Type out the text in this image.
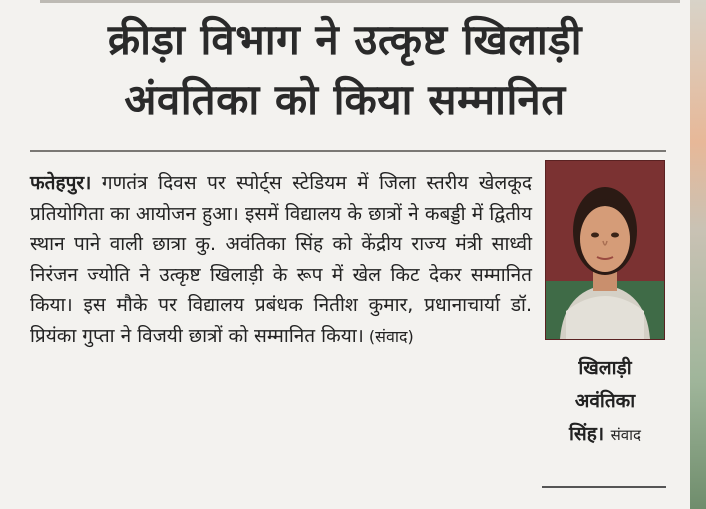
क्रीड़ा विभाग ने उत्कृष्ट खिलाड़ी
अंवतिका को किया सम्मानित
फतेहपुर। गणतंत्र दिवस पर स्पोर्ट्स स्टेडियम में जिला स्तरीय खेलकूद प्रतियोगिता का आयोजन हुआ। इसमें विद्यालय के छात्रों ने कबड्डी में द्वितीय स्थान पाने वाली छात्रा कु. अवंतिका सिंह को केंद्रीय राज्य मंत्री साध्वी निरंजन ज्योति ने उत्कृष्ट खिलाड़ी के रूप में खेल किट देकर सम्मानित किया। इस मौके पर विद्यालय प्रबंधक नितीश कुमार, प्रधानाचार्या डॉ. प्रियंका गुप्ता ने विजयी छात्रों को सम्मानित किया। (संवाद)
खिलाड़ी
अवंतिका
सिंह। संवाद
